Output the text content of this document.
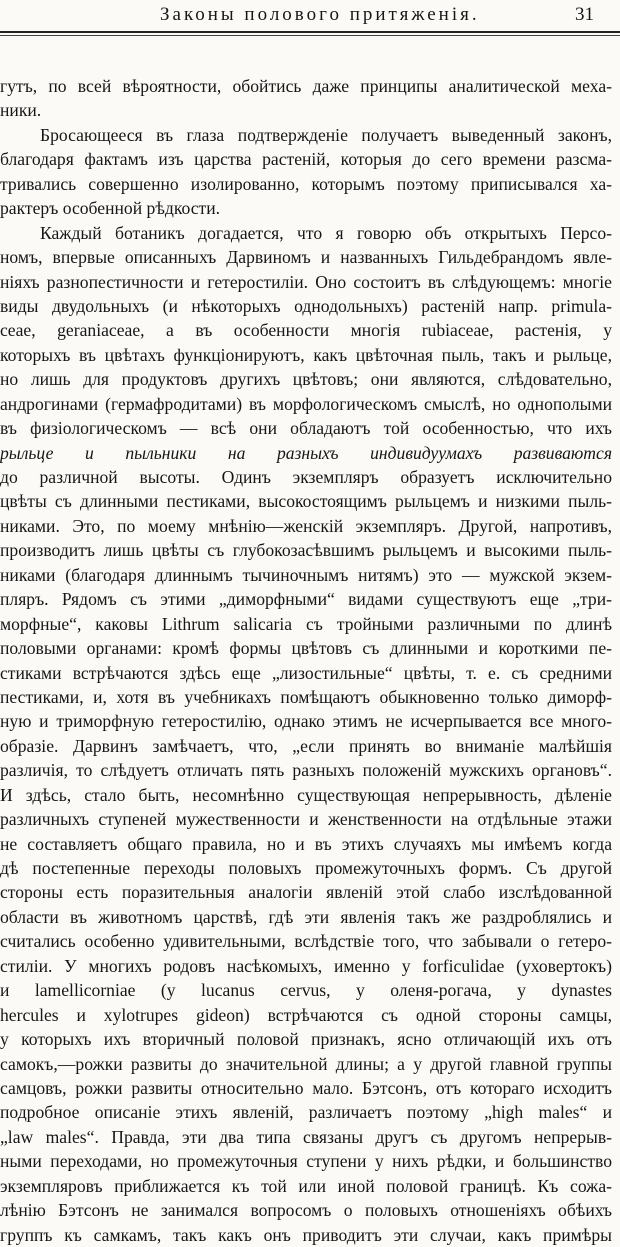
Законы полового притяженiя.	31
гутъ, по всей вѣроятности, обойтись даже принципы аналитической меха-
ники.
Бросающееся въ глаза подтвержденіе получаетъ выведенный законъ,
благодаря фактамъ изъ царства растеній, которыя до сего времени разсма-
тривались совершенно изолированно, которымъ поэтому приписывался ха-
рактеръ особенной рѣдкости.
Каждый ботаникъ догадается, что я говорю объ открытыхъ Персо-
номъ, впервые описанныхъ Дарвиномъ и названныхъ Гильдебрандомъ явле-
ніяхъ разнопестичности и гетеростиліи. Оно состоитъ въ слѣдующемъ: многіе
виды двудольныхъ (и нѣкоторыхъ однодольныхъ) растеній напр. primula-
ceae, geraniaceae, а въ особенности многія rubiaceae, растенія, у
которыхъ въ цвѣтахъ функціонируютъ, какъ цвѣточная пыль, такъ и рыльце,
но лишь для продуктовъ другихъ цвѣтовъ; они являются, слѣдовательно,
андрогинами (гермафродитами) въ морфологическомъ смыслѣ, но однополыми
въ физіологическомъ — всѣ они обладаютъ той особенностью, что ихъ
рыльце и пыльники на разныхъ индивидуумахъ развиваются
до различной высоты. Одинъ экземпляръ образуетъ исключительно
цвѣты съ длинными пестиками, высокостоящимъ рыльцемъ и низкими пыль-
никами. Это, по моему мнѣнію—женскій экземпляръ. Другой, напротивъ,
производитъ лишь цвѣты съ глубокозасѣвшимъ рыльцемъ и высокими пыль-
никами (благодаря длиннымъ тычиночнымъ нитямъ) это — мужской экзем-
пляръ. Рядомъ съ этими „диморфными“ видами существуютъ еще „три-
морфные“, каковы Lithrum salicaria съ тройными различными по длинѣ
половыми органами: кромѣ формы цвѣтовъ съ длинными и короткими пе-
стиками встрѣчаются здѣсь еще „лизостильные“ цвѣты, т. е. съ средними
пестиками, и, хотя въ учебникахъ помѣщаютъ обыкновенно только диморф-
ную и триморфную гетеростилію, однако этимъ не исчерпывается все много-
образіе. Дарвинъ замѣчаетъ, что, „если принять во вниманіе малѣйшія
различія, то слѣдуетъ отличать пять разныхъ положеній мужскихъ органовъ“.
И здѣсь, стало быть, несомнѣнно существующая непрерывность, дѣленіе
различныхъ ступеней мужественности и женственности на отдѣльные этажи
не составляетъ общаго правила, но и въ этихъ случаяхъ мы имѣемъ когда
дѣ постепенные переходы половыхъ промежуточныхъ формъ. Съ другой
стороны есть поразительныя аналогіи явленій этой слабо изслѣдованной
области въ животномъ царствѣ, гдѣ эти явленія такъ же раздроблялись и
считались особенно удивительными, вслѣдствіе того, что забывали о гетеро-
стиліи. У многихъ родовъ насѣкомыхъ, именно у forficulidae (уховертокъ)
и lamellicorniae (у lucanus cervus, у оленя-рогача, у dynastes
hercules и xylotrupes gideon) встрѣчаются съ одной стороны самцы,
у которыхъ ихъ вторичный половой признакъ, ясно отличающій ихъ отъ
самокъ,—рожки развиты до значительной длины; а у другой главной группы
самцовъ, рожки развиты относительно мало. Бэтсонъ, отъ котораго исходитъ
подробное описаніе этихъ явленій, различаетъ поэтому „high males“ и
„law males“. Правда, эти два типа связаны другъ съ другомъ непрерыв-
ными переходами, но промежуточныя ступени у нихъ рѣдки, и большинство
экземпляровъ приближается къ той или иной половой границѣ. Къ сожа-
лѣнію Бэтсонъ не занимался вопросомъ о половыхъ отношеніяхъ обѣихъ
группъ къ самкамъ, такъ какъ онъ приводитъ эти случаи, какъ примѣры
